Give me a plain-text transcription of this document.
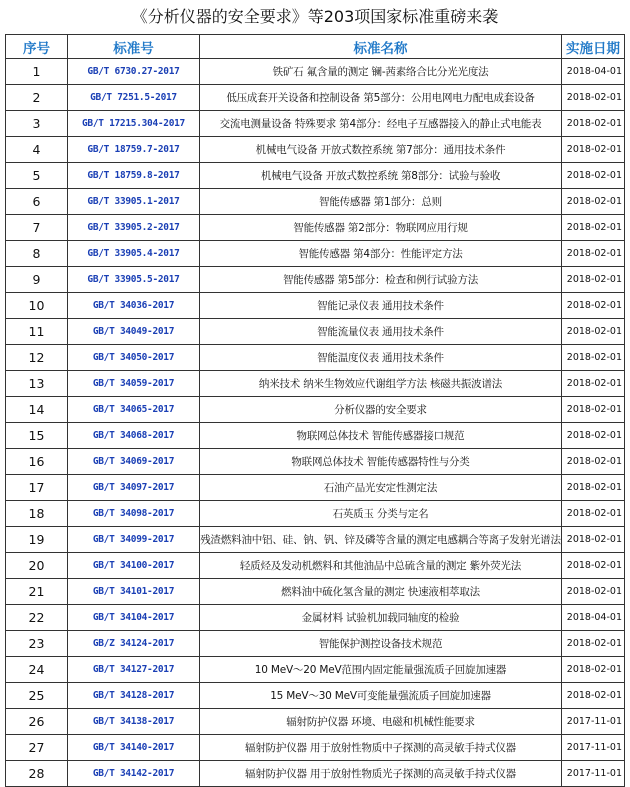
《分析仪器的安全要求》等203项国家标准重磅来袭
序号	标准号	标准名称	实施日期
1	GB/T 6730.27-2017	铁矿石 氟含量的测定 镧-茜素络合比分光光度法	2018-04-01
2	GB/T 7251.5-2017	低压成套开关设备和控制设备 第5部分：公用电网电力配电成套设备	2018-02-01
3	GB/T 17215.304-2017	交流电测量设备 特殊要求 第4部分：经电子互感器接入的静止式电能表	2018-02-01
4	GB/T 18759.7-2017	机械电气设备 开放式数控系统 第7部分：通用技术条件	2018-02-01
5	GB/T 18759.8-2017	机械电气设备 开放式数控系统 第8部分：试验与验收	2018-02-01
6	GB/T 33905.1-2017	智能传感器 第1部分：总则	2018-02-01
7	GB/T 33905.2-2017	智能传感器 第2部分：物联网应用行规	2018-02-01
8	GB/T 33905.4-2017	智能传感器 第4部分：性能评定方法	2018-02-01
9	GB/T 33905.5-2017	智能传感器 第5部分：检查和例行试验方法	2018-02-01
10	GB/T 34036-2017	智能记录仪表 通用技术条件	2018-02-01
11	GB/T 34049-2017	智能流量仪表 通用技术条件	2018-02-01
12	GB/T 34050-2017	智能温度仪表 通用技术条件	2018-02-01
13	GB/T 34059-2017	纳米技术 纳米生物效应代谢组学方法 核磁共振波谱法	2018-02-01
14	GB/T 34065-2017	分析仪器的安全要求	2018-02-01
15	GB/T 34068-2017	物联网总体技术 智能传感器接口规范	2018-02-01
16	GB/T 34069-2017	物联网总体技术 智能传感器特性与分类	2018-02-01
17	GB/T 34097-2017	石油产品光安定性测定法	2018-02-01
18	GB/T 34098-2017	石英质玉 分类与定名	2018-02-01
19	GB/T 34099-2017	残渣燃料油中铝、硅、钠、钒、锌及磷等含量的测定电感耦合等离子发射光谱法	2018-02-01
20	GB/T 34100-2017	轻质烃及发动机燃料和其他油品中总硫含量的测定 紫外荧光法	2018-02-01
21	GB/T 34101-2017	燃料油中硫化氢含量的测定 快速液相萃取法	2018-02-01
22	GB/T 34104-2017	金属材料 试验机加载同轴度的检验	2018-04-01
23	GB/Z 34124-2017	智能保护测控设备技术规范	2018-02-01
24	GB/T 34127-2017	10 MeV～20 MeV范围内固定能量强流质子回旋加速器	2018-02-01
25	GB/T 34128-2017	15 MeV～30 MeV可变能量强流质子回旋加速器	2018-02-01
26	GB/T 34138-2017	辐射防护仪器 环境、电磁和机械性能要求	2017-11-01
27	GB/T 34140-2017	辐射防护仪器 用于放射性物质中子探测的高灵敏手持式仪器	2017-11-01
28	GB/T 34142-2017	辐射防护仪器 用于放射性物质光子探测的高灵敏手持式仪器	2017-11-01
